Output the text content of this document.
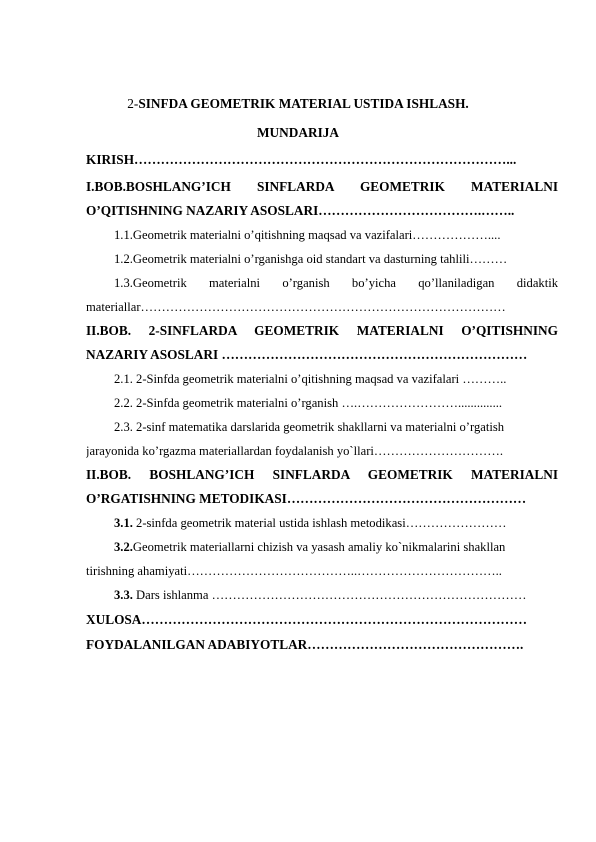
2-SINFDA GEOMETRIK MATERIAL USTIDA ISHLASH.
MUNDARIJA
KIRISH…………………………………………………………………………...
I.BOB.BOSHLANG’ICH SINFLARDA GEOMETRIK MATERIALNI
O’QITISHNING NAZARIY ASOSLARI……………………………….……..
1.1.Geometrik materialni o’qitishning maqsad va vazifalari………………....
1.2.Geometrik materialni o’rganishga oid standart va dasturning tahlili………
1.3.Geometrik materialni o’rganish bo’yicha qo’llaniladigan didaktik
materiallar……………………………………………………………………………
II.BOB. 2-SINFLARDA GEOMETRIK MATERIALNI O’QITISHNING
NAZARIY ASOSLARI ……………………………………………………………
2.1. 2-Sinfda geometrik materialni o’qitishning maqsad va vazifalari ………..
2.2. 2-Sinfda geometrik materialni o’rganish ….……………………..............
2.3. 2-sinf matematika darslarida geometrik shakllarni va materialni o’rgatish
jarayonida ko’rgazma materiallardan foydalanish yo`llari………………………….
II.BOB. BOSHLANG’ICH SINFLARDA GEOMETRIK MATERIALNI
O’RGATISHNING METODIKASI………………………………………………
3.1. 2-sinfda geometrik material ustida ishlash metodikasi……………………
3.2.Geometrik materiallarni chizish va yasash amaliy ko`nikmalarini shakllan
tirishning ahamiyati…………………………………..……………………………..
3.3. Dars ishlanma …………………………………………………………………
XULOSA……………………………………………………………………………
FOYDALANILGAN ADABIYOTLAR………………………………………….
